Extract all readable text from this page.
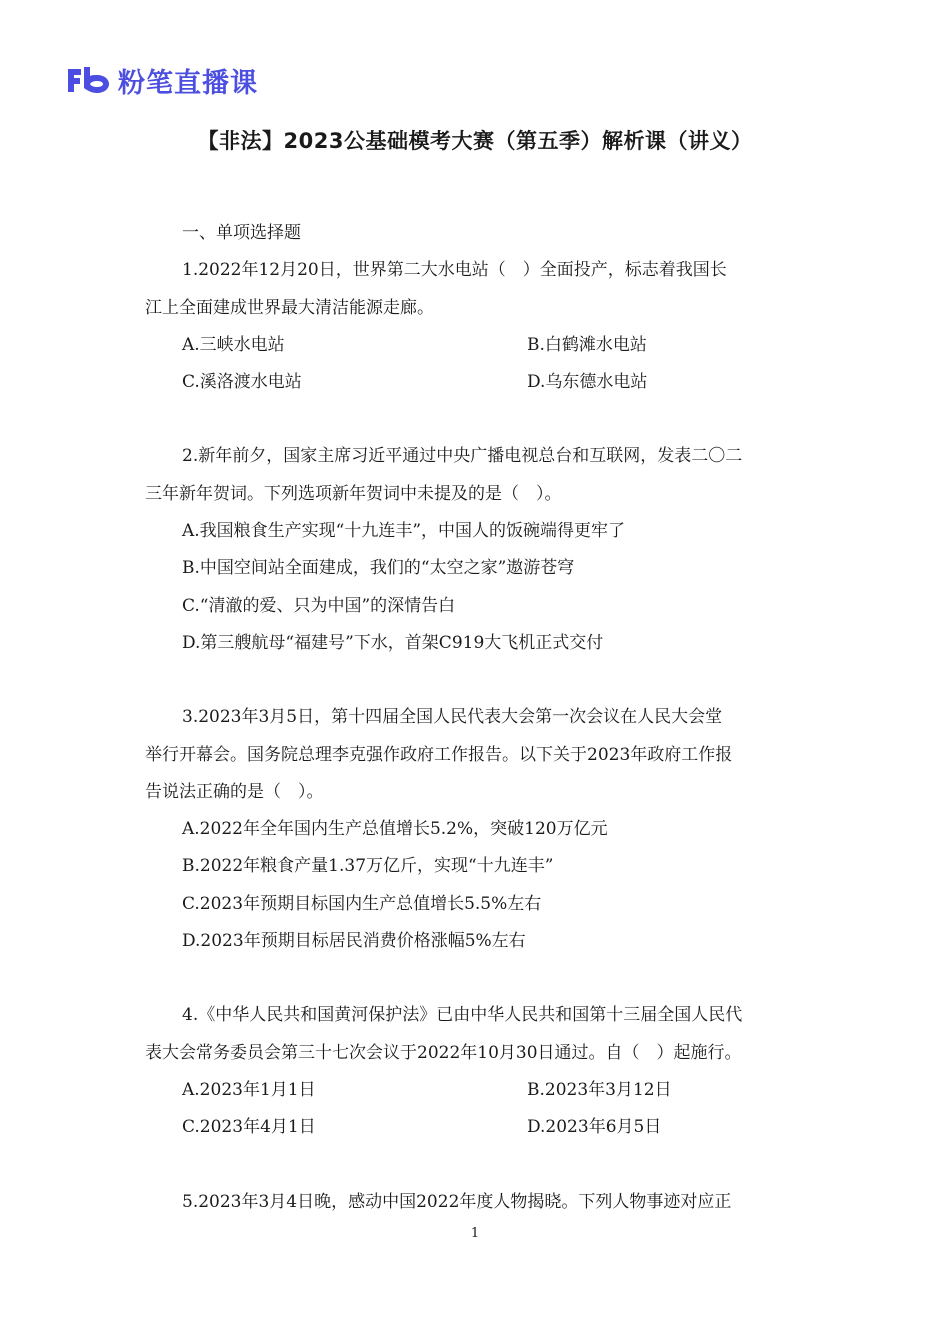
粉笔直播课
【非法】2023公基础模考大赛（第五季）解析课（讲义）
一、单项选择题
1.2022年12月20日，世界第二大水电站（　）全面投产，标志着我国长
江上全面建成世界最大清洁能源走廊。
A.三峡水电站	B.白鹤滩水电站
C.溪洛渡水电站	D.乌东德水电站
2.新年前夕，国家主席习近平通过中央广播电视总台和互联网，发表二〇二
三年新年贺词。下列选项新年贺词中未提及的是（　）。
A.我国粮食生产实现“十九连丰”，中国人的饭碗端得更牢了
B.中国空间站全面建成，我们的“太空之家”遨游苍穹
C.“清澈的爱、只为中国”的深情告白
D.第三艘航母“福建号”下水，首架C919大飞机正式交付
3.2023年3月5日，第十四届全国人民代表大会第一次会议在人民大会堂
举行开幕会。国务院总理李克强作政府工作报告。以下关于2023年政府工作报
告说法正确的是（　）。
A.2022年全年国内生产总值增长5.2%，突破120万亿元
B.2022年粮食产量1.37万亿斤，实现“十九连丰”
C.2023年预期目标国内生产总值增长5.5%左右
D.2023年预期目标居民消费价格涨幅5%左右
4.《中华人民共和国黄河保护法》已由中华人民共和国第十三届全国人民代
表大会常务委员会第三十七次会议于2022年10月30日通过。自（　）起施行。
A.2023年1月1日	B.2023年3月12日
C.2023年4月1日	D.2023年6月5日
5.2023年3月4日晚，感动中国2022年度人物揭晓。下列人物事迹对应正
1
